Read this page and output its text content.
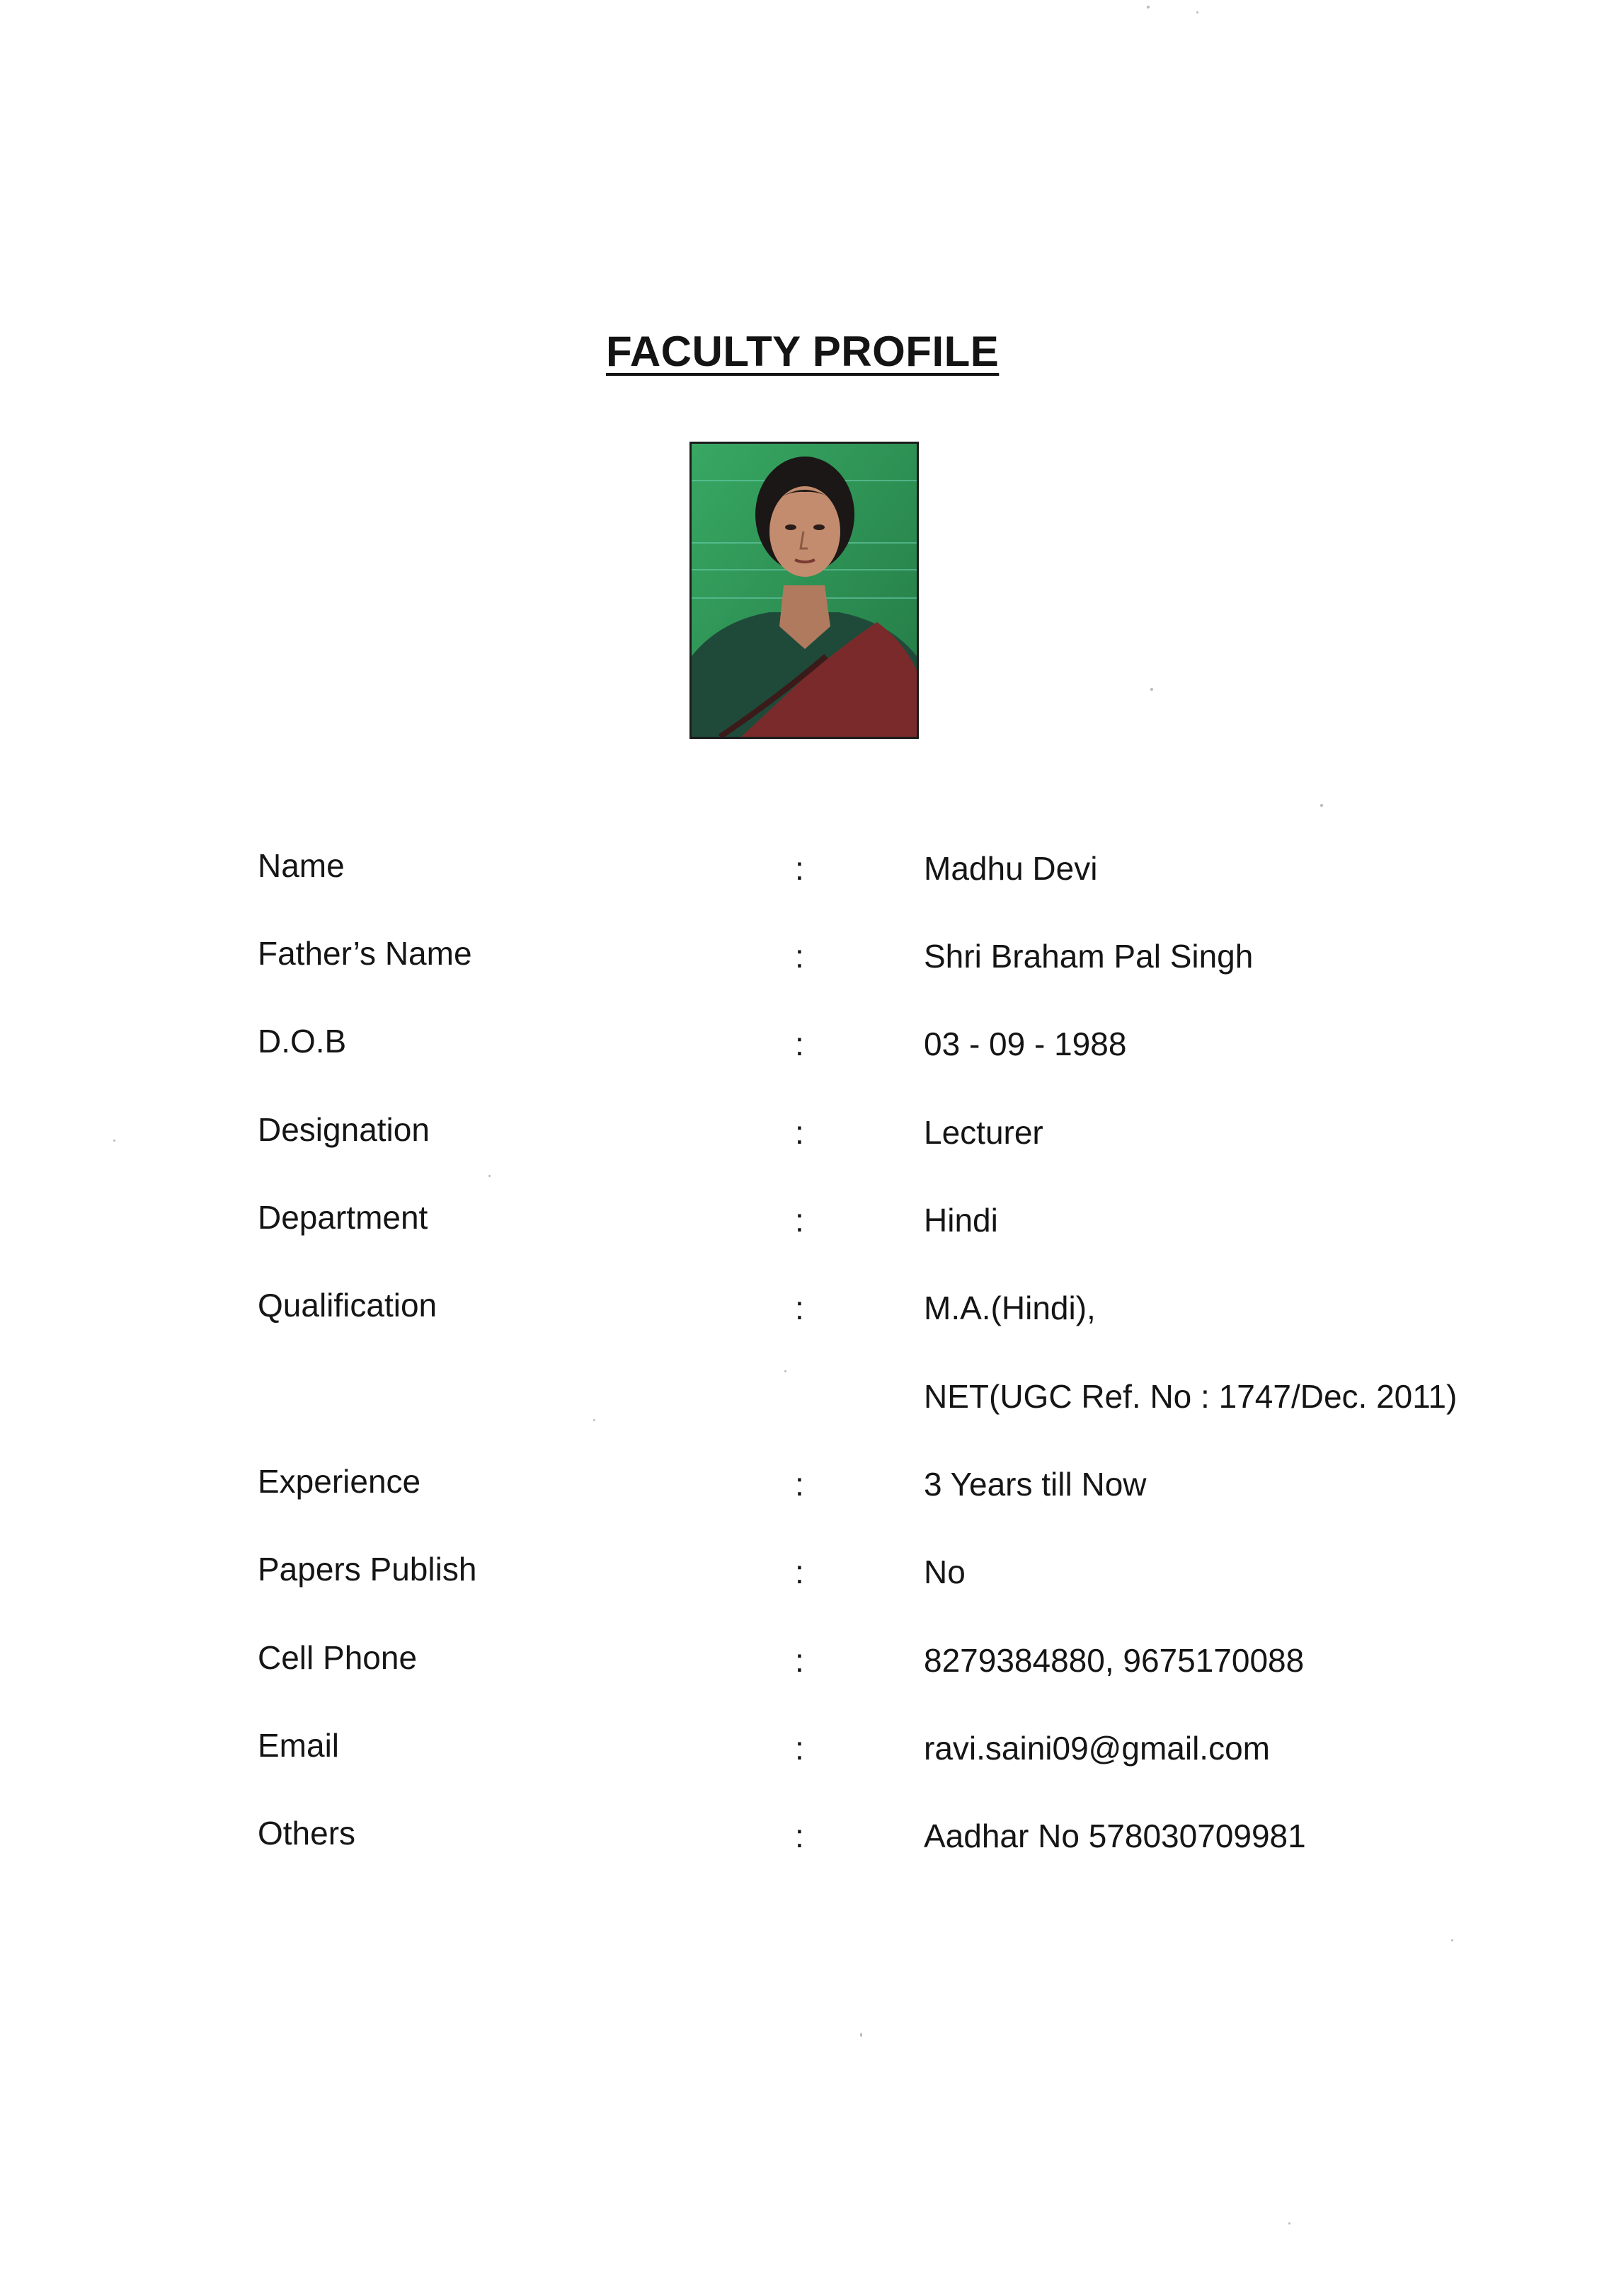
FACULTY PROFILE
Name	:	Madhu Devi
Father’s Name	:	Shri Braham Pal Singh
D.O.B	:	03 - 09 - 1988
Designation	:	Lecturer
Department	:	Hindi
Qualification	:	M.A.(Hindi),
NET(UGC Ref. No : 1747/Dec. 2011)
Experience	:	3 Years till Now
Papers Publish	:	No
Cell Phone	:	8279384880, 9675170088
Email	:	ravi.saini09@gmail.com
Others	:	Aadhar No 578030709981
